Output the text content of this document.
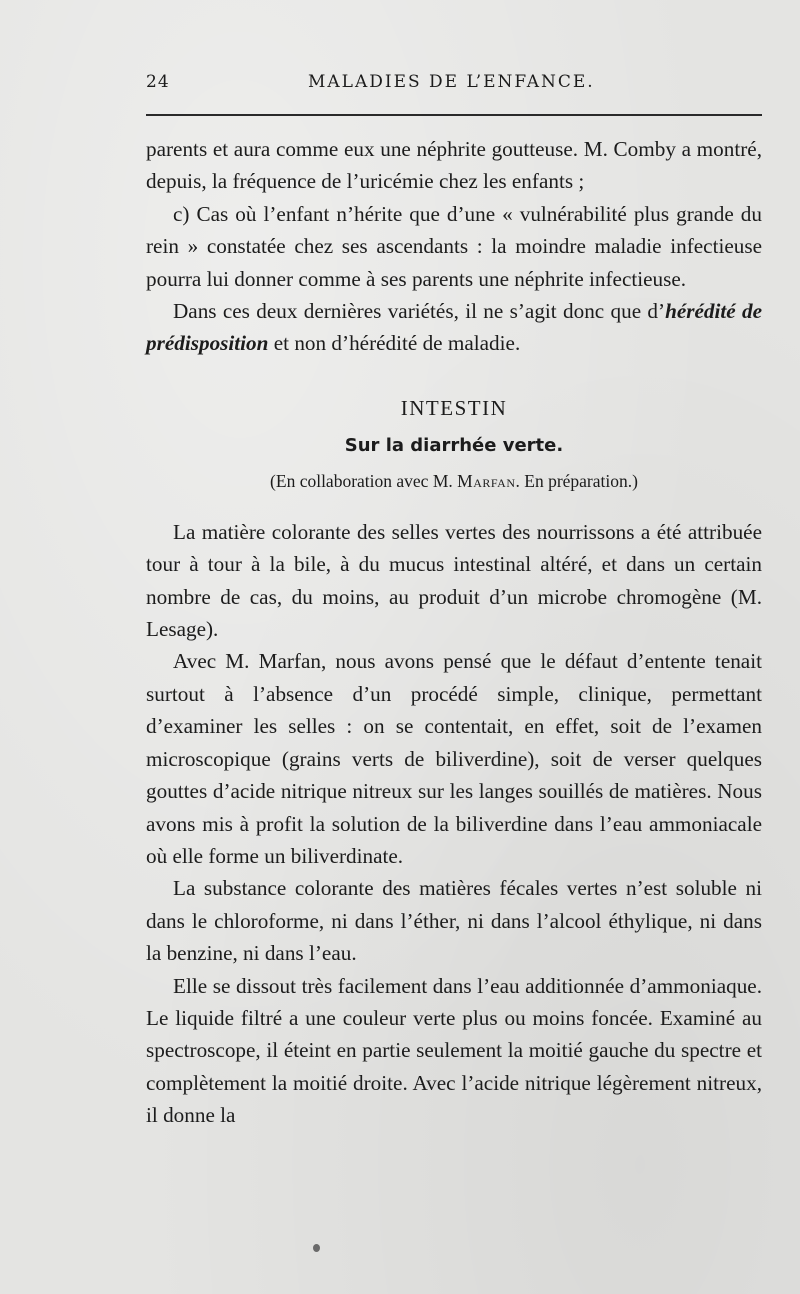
24	MALADIES DE L’ENFANCE.

parents et aura comme eux une néphrite goutteuse. M. Comby a montré, depuis, la fréquence de l’uricémie chez les enfants ;

c) Cas où l’enfant n’hérite que d’une « vulnérabilité plus grande du rein » constatée chez ses ascendants : la moindre maladie infectieuse pourra lui donner comme à ses parents une néphrite infectieuse.

Dans ces deux dernières variétés, il ne s’agit donc que d’hérédité de prédisposition et non d’hérédité de maladie.

INTESTIN
Sur la diarrhée verte.
(En collaboration avec M. Marfan. En préparation.)

La matière colorante des selles vertes des nourrissons a été attribuée tour à tour à la bile, à du mucus intestinal altéré, et dans un certain nombre de cas, du moins, au produit d’un microbe chromogène (M. Lesage).

Avec M. Marfan, nous avons pensé que le défaut d’entente tenait surtout à l’absence d’un procédé simple, clinique, permettant d’examiner les selles : on se contentait, en effet, soit de l’examen microscopique (grains verts de biliverdine), soit de verser quelques gouttes d’acide nitrique nitreux sur les langes souillés de matières. Nous avons mis à profit la solution de la biliverdine dans l’eau ammoniacale où elle forme un biliverdinate.

La substance colorante des matières fécales vertes n’est soluble ni dans le chloroforme, ni dans l’éther, ni dans l’alcool éthylique, ni dans la benzine, ni dans l’eau.

Elle se dissout très facilement dans l’eau additionnée d’ammoniaque. Le liquide filtré a une couleur verte plus ou moins foncée. Examiné au spectroscope, il éteint en partie seulement la moitié gauche du spectre et complètement la moitié droite. Avec l’acide nitrique légèrement nitreux, il donne la
